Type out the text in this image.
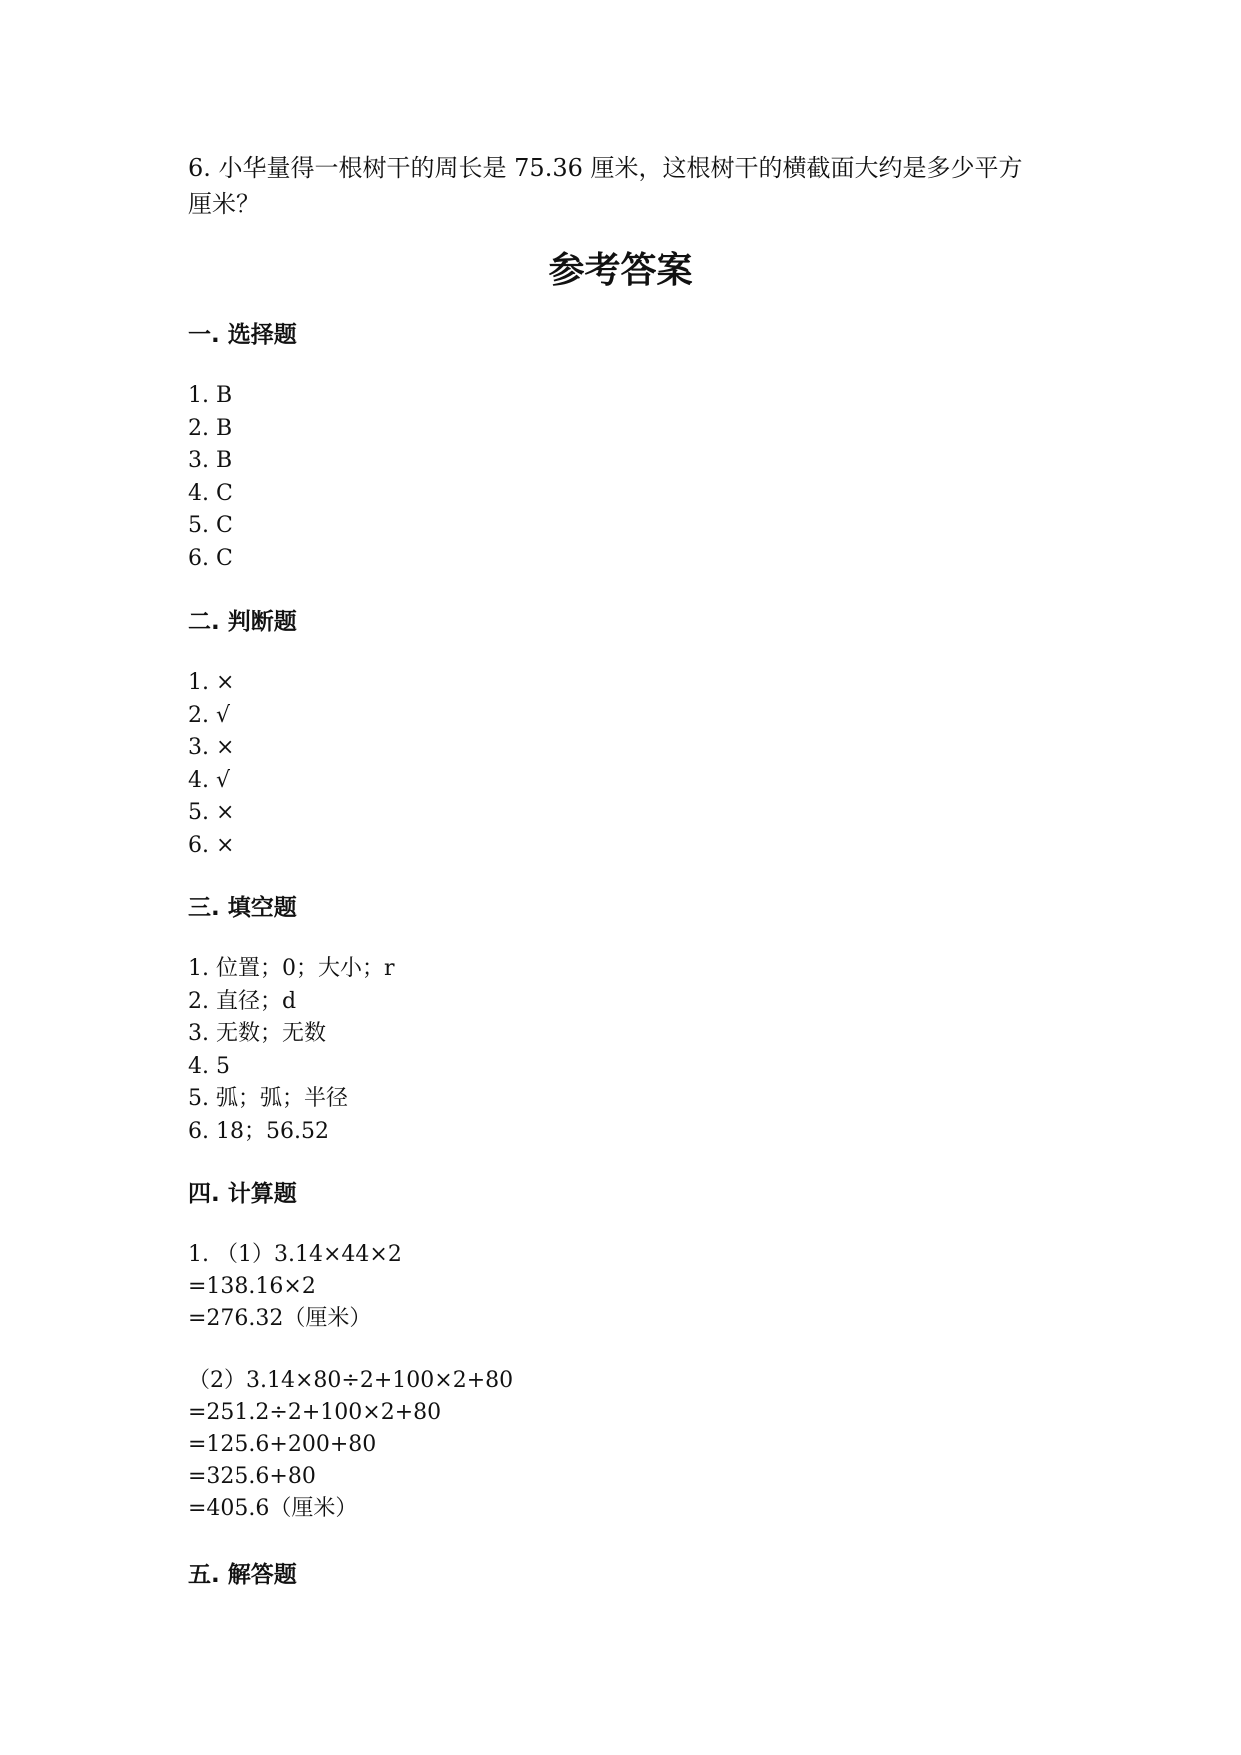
6. 小华量得一根树干的周长是 75.36 厘米，这根树干的横截面大约是多少平方

厘米？

参考答案
一. 选择题
1. B
2. B
3. B
4. C
5. C
6. C
二. 判断题
1. ×
2. √
3. ×
4. √
5. ×
6. ×
三. 填空题
1. 位置；0；大小；r
2. 直径；d
3. 无数；无数
4. 5
5. 弧；弧；半径
6. 18；56.52
四. 计算题
1. （1）3.14×44×2
=138.16×2
=276.32（厘米）
（2）3.14×80÷2+100×2+80
=251.2÷2+100×2+80
=125.6+200+80
=325.6+80
=405.6（厘米）
五. 解答题
